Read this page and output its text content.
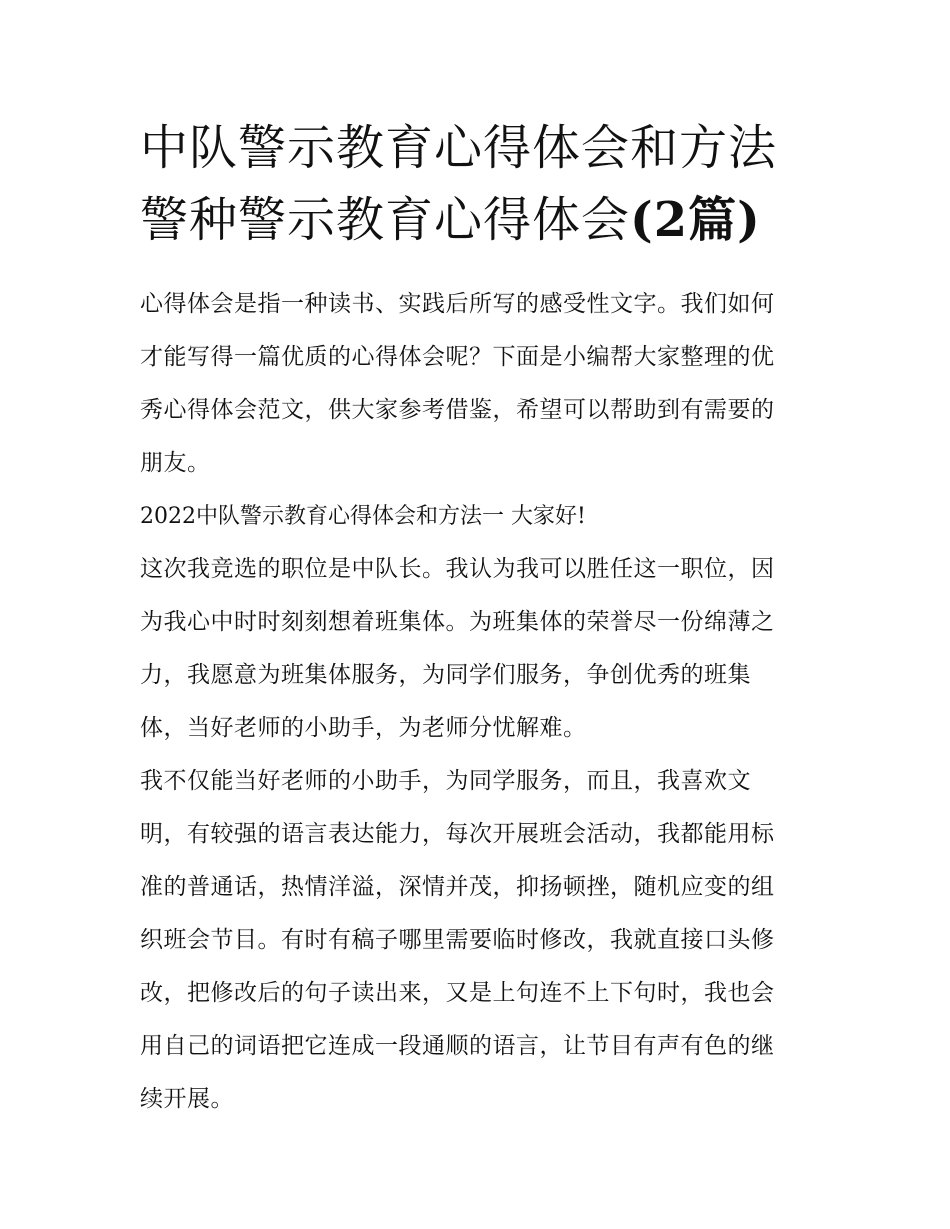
中队警示教育心得体会和方法
警种警示教育心得体会(2篇)
心得体会是指一种读书、实践后所写的感受性文字。我们如何
才能写得一篇优质的心得体会呢？下面是小编帮大家整理的优
秀心得体会范文，供大家参考借鉴，希望可以帮助到有需要的
朋友。

2022中队警示教育心得体会和方法一 大家好!

这次我竞选的职位是中队长。我认为我可以胜任这一职位，因
为我心中时时刻刻想着班集体。为班集体的荣誉尽一份绵薄之
力，我愿意为班集体服务，为同学们服务，争创优秀的班集
体，当好老师的小助手，为老师分忧解难。
我不仅能当好老师的小助手，为同学服务，而且，我喜欢文
明，有较强的语言表达能力，每次开展班会活动，我都能用标
准的普通话，热情洋溢，深情并茂，抑扬顿挫，随机应变的组
织班会节目。有时有稿子哪里需要临时修改，我就直接口头修
改，把修改后的句子读出来，又是上句连不上下句时，我也会
用自己的词语把它连成一段通顺的语言，让节目有声有色的继
续开展。
